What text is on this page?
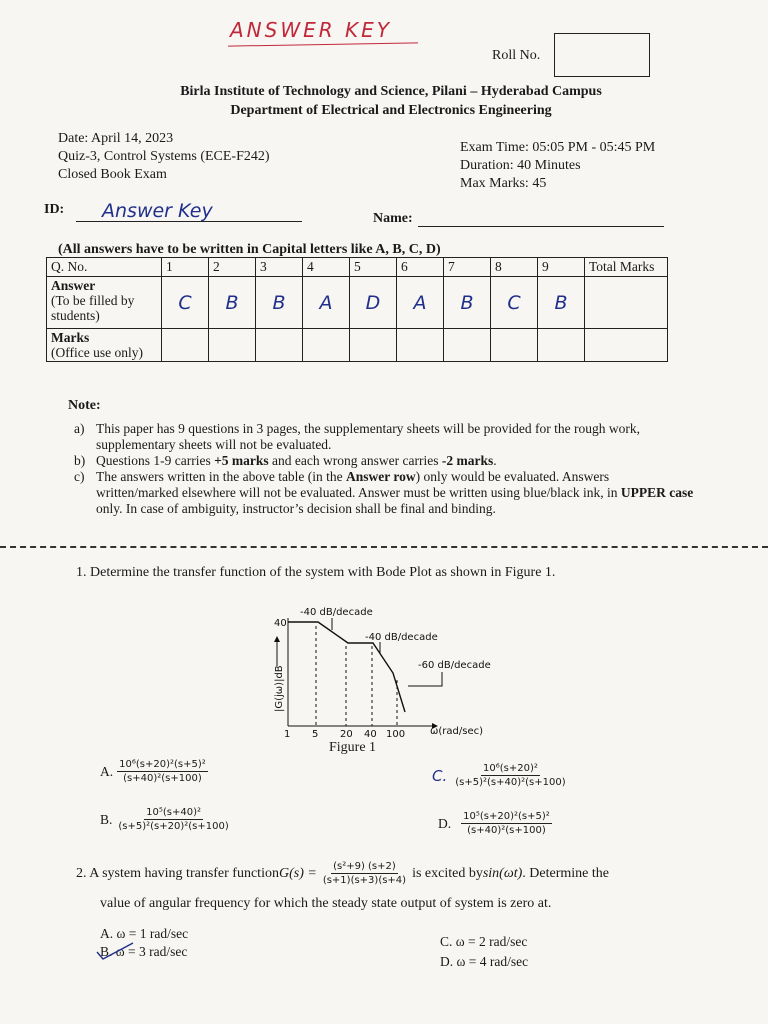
ANSWER KEY
Roll No.
Birla Institute of Technology and Science, Pilani – Hyderabad Campus
Department of Electrical and Electronics Engineering
Date: April 14, 2023
Quiz-3, Control Systems (ECE-F242)
Closed Book Exam
Exam Time: 05:05 PM - 05:45 PM
Duration: 40 Minutes
Max Marks: 45
ID: Answer Key	Name:
(All answers have to be written in Capital letters like A, B, C, D)
Q. No.	1	2	3	4	5	6	7	8	9	Total Marks
Answer
(To be filled by students)	C	B	B	A	D	A	B	C	B	
Marks
(Office use only)										
Note:
a) This paper has 9 questions in 3 pages, the supplementary sheets will be provided for the rough work, supplementary sheets will not be evaluated.
b) Questions 1-9 carries +5 marks and each wrong answer carries -2 marks.
c) The answers written in the above table (in the Answer row) only would be evaluated. Answers written/marked elsewhere will not be evaluated. Answer must be written using blue/black ink, in UPPER case only. In case of ambiguity, instructor’s decision shall be final and binding.
1. Determine the transfer function of the system with Bode Plot as shown in Figure 1.
40
-40 dB/decade
-40 dB/decade
-60 dB/decade
1 5 20 40 100 ω(rad/sec)
|G(jω)|dB
Figure 1
A. $\frac{\text{10⁶(s+20)²(s+5)²}}{\text{(s+40)²(s+100)}}$	C. $\frac{\text{10⁶(s+20)²}}{\text{(s+5)²(s+40)²(s+100)}}$
B. $\frac{\text{10⁵(s+40)²}}{\text{(s+5)²(s+20)²(s+100)}}$	D. $\frac{\text{10⁵(s+20)²(s+5)²}}{\text{(s+40)²(s+100)}}$
2. A system having transfer function $G(s) = \frac{\text{(s²+9) (s+2)}}{(s+1)(s+3)(s+4)}$ is excited by sin(ωt) . Determine the
value of angular frequency for which the steady state output of system is zero at.
A. ω = 1 rad/sec
B. ω = 3 rad/sec
C. ω = 2 rad/sec
D. ω = 4 rad/sec
